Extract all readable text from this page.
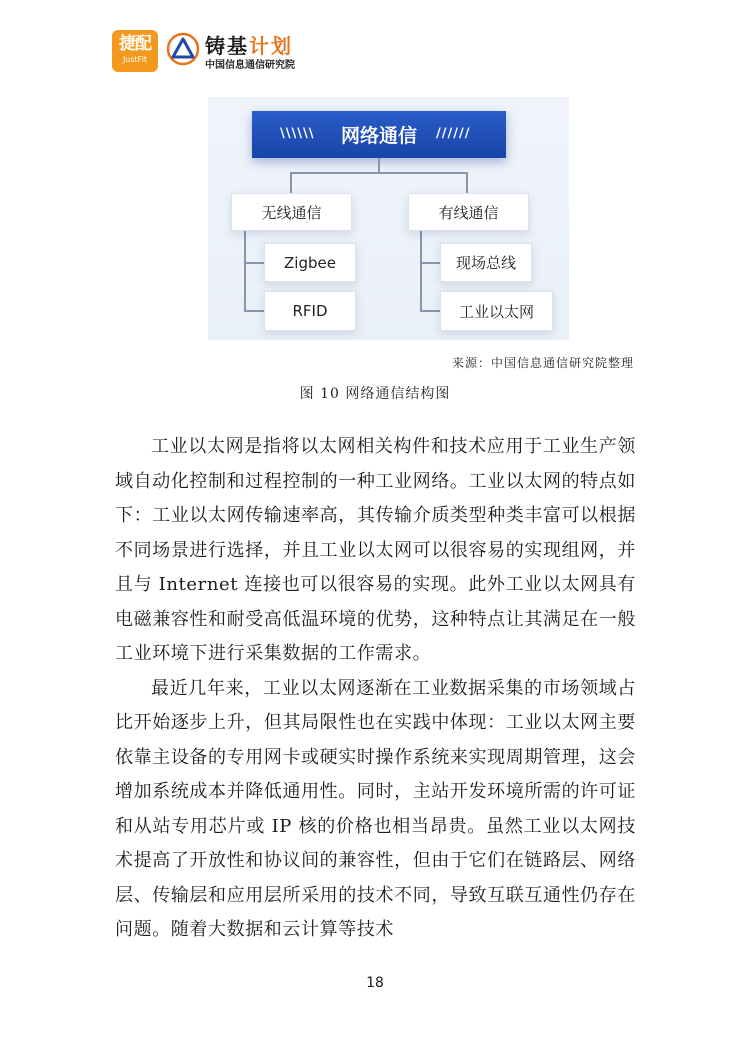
捷配
JustFit
铸基计划
中国信息通信研究院
网络通信
\\\\\\	//////
无线通信	有线通信
Zigbee
RFID
现场总线
工业以太网
来源：中国信息通信研究院整理
图 10 网络通信结构图

工业以太网是指将以太网相关构件和技术应用于工业生产领域自动化控制和过程控制的一种工业网络。工业以太网的特点如下：工业以太网传输速率高，其传输介质类型种类丰富可以根据不同场景进行选择，并且工业以太网可以很容易的实现组网，并且与 Internet 连接也可以很容易的实现。此外工业以太网具有电磁兼容性和耐受高低温环境的优势，这种特点让其满足在一般工业环境下进行采集数据的工作需求。

最近几年来，工业以太网逐渐在工业数据采集的市场领域占比开始逐步上升，但其局限性也在实践中体现：工业以太网主要依靠主设备的专用网卡或硬实时操作系统来实现周期管理，这会增加系统成本并降低通用性。同时，主站开发环境所需的许可证和从站专用芯片或 IP 核的价格也相当昂贵。虽然工业以太网技术提高了开放性和协议间的兼容性，但由于它们在链路层、网络层、传输层和应用层所采用的技术不同，导致互联互通性仍存在问题。随着大数据和云计算等技术

18
